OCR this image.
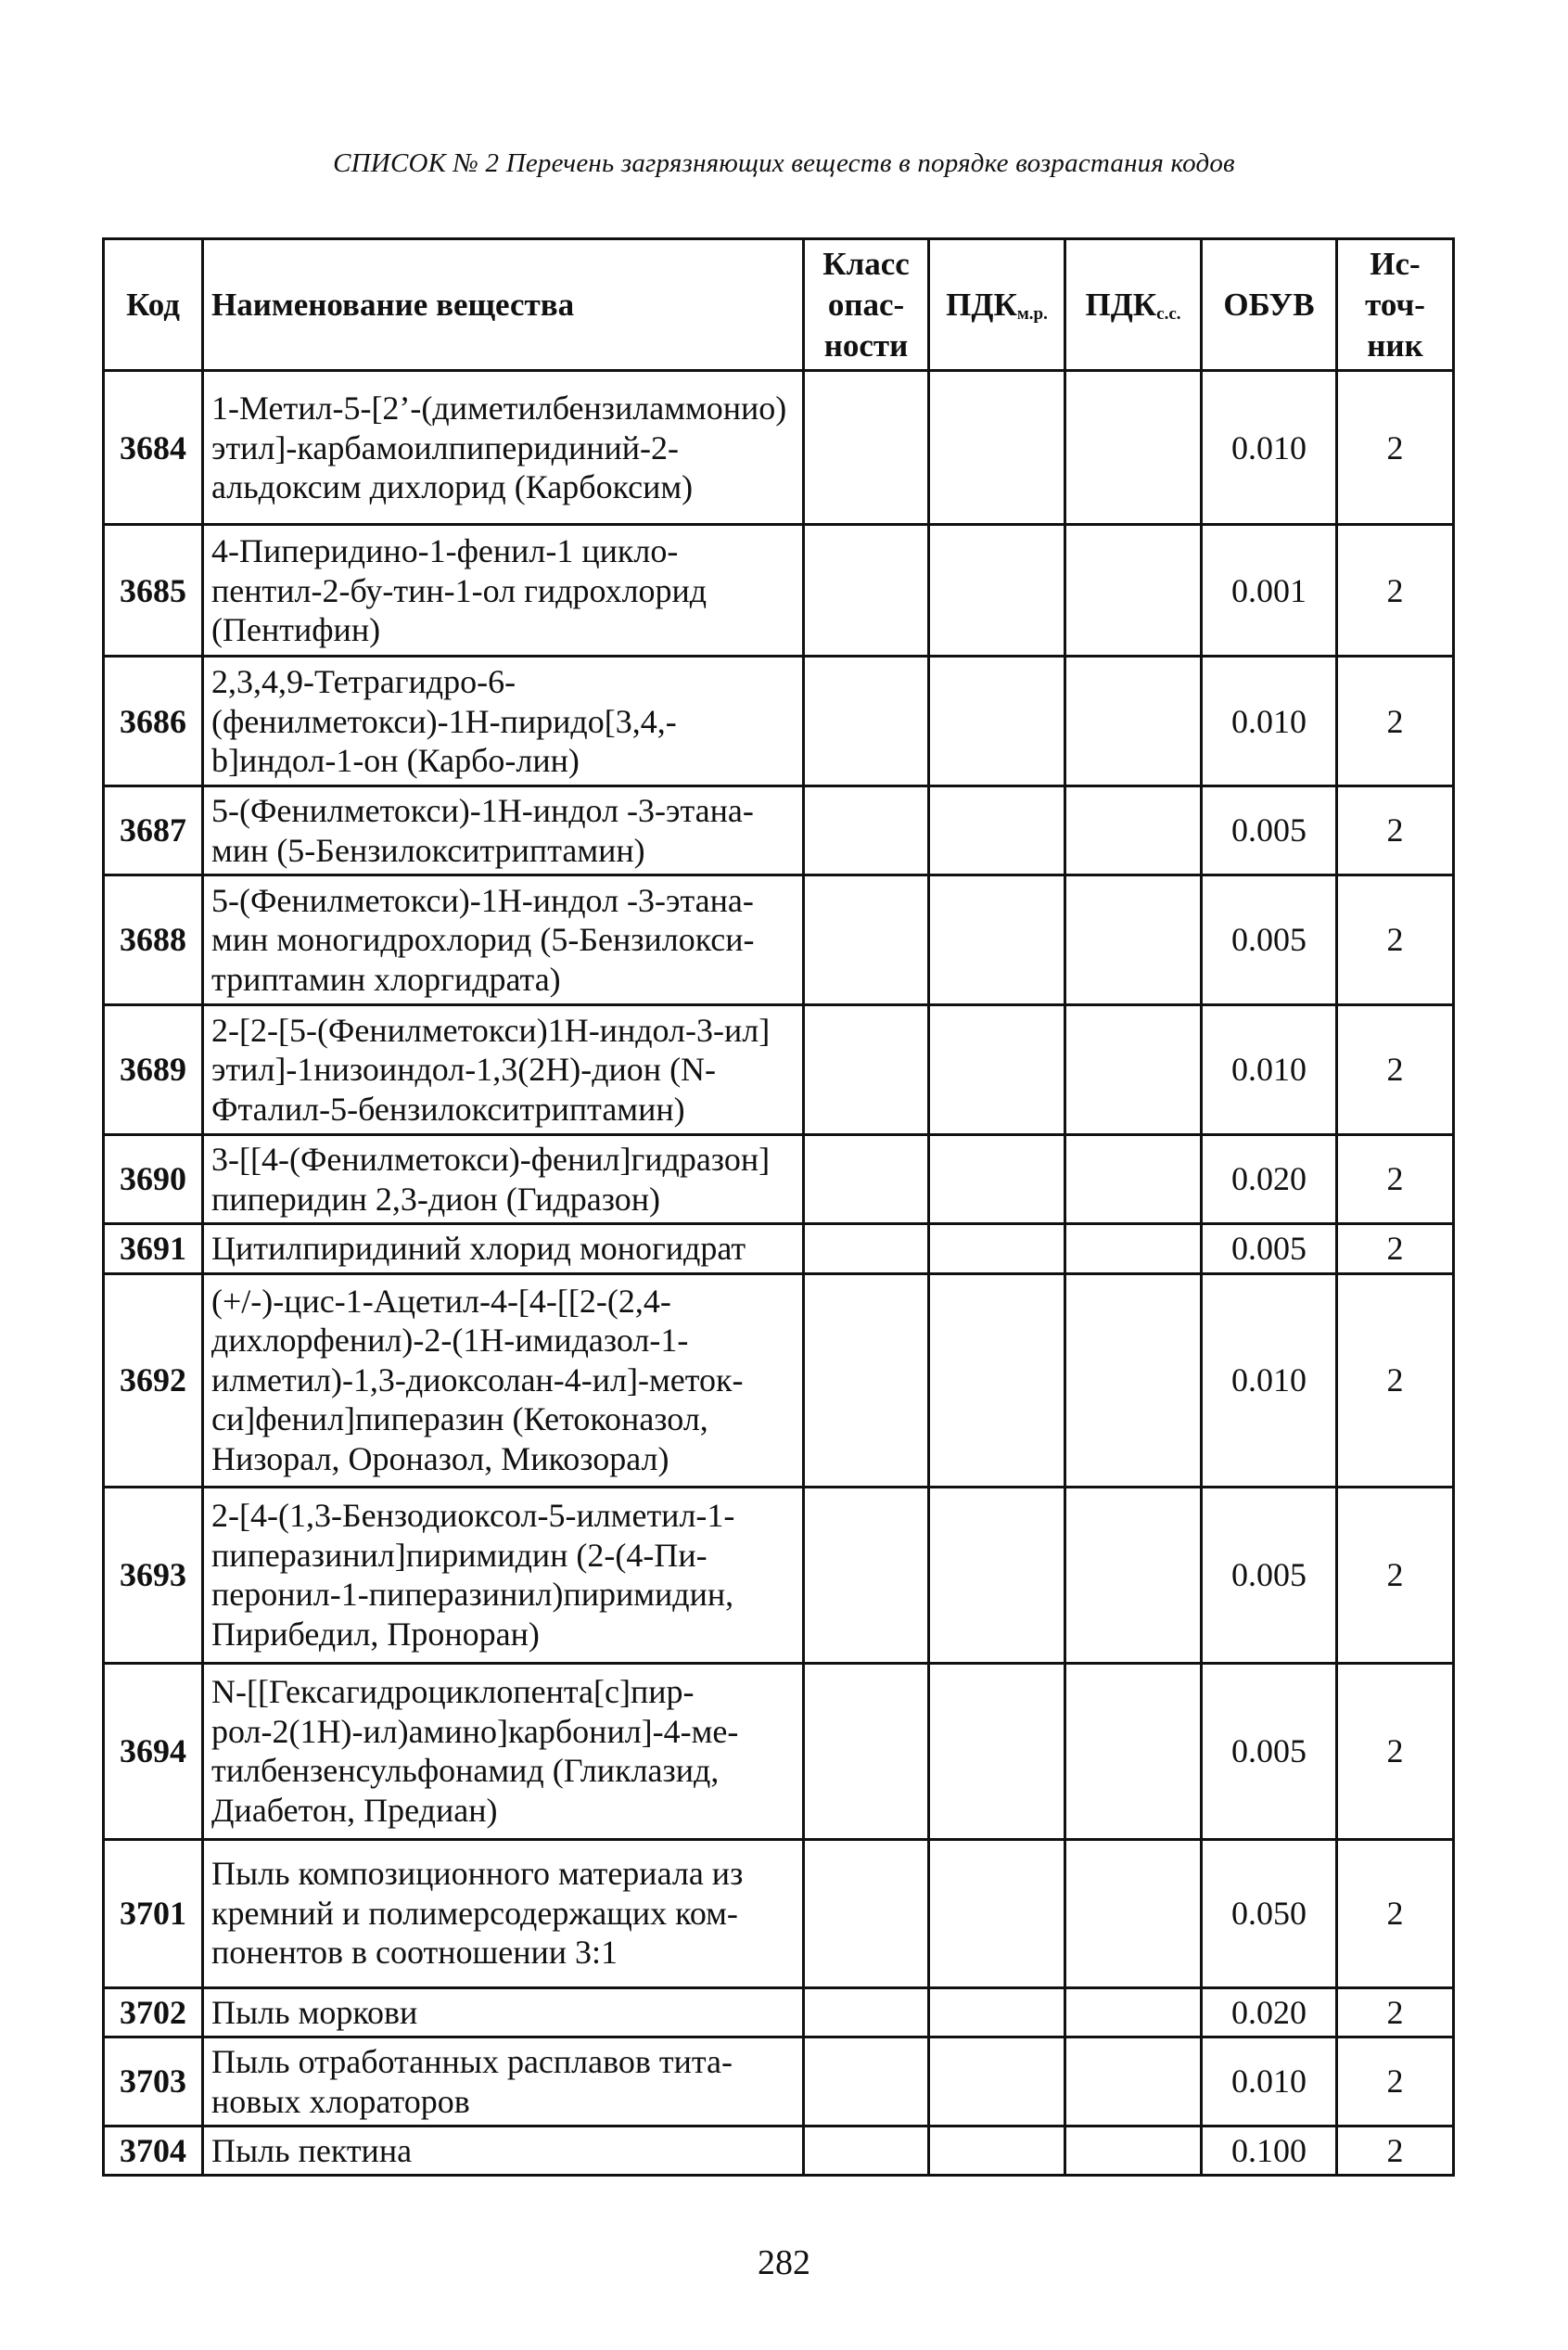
СПИСОК № 2 Перечень загрязняющих веществ в порядке возрастания кодов
Код	Наименование вещества	Класс опас-ности	$ПДК_{м.р.}$	$ПДК_{с.с.}$	ОБУВ	Ис-точ-ник
3684	1-Метил-5-[2’-(диметилбензиламмонио) этил]-карбамоилпиперидиний-2-альдоксим дихлорид (Карбоксим)				0.010	2
3685	4-Пиперидино-1-фенил-1 цикло-пентил-2-бу-тин-1-ол гидрохлорид (Пентифин)				0.001	2
3686	2,3,4,9-Тетрагидро-6-(фенилметокси)-1Н-пиридо[3,4,-b]индол-1-он (Карбо-лин)				0.010	2
3687	5-(Фенилметокси)-1Н-индол -3-этана-мин (5-Бензилокситриптамин)				0.005	2
3688	5-(Фенилметокси)-1Н-индол -3-этана-мин моногидрохлорид (5-Бензилокси-триптамин хлоргидрата)				0.005	2
3689	2-[2-[5-(Фенилметокси)1Н-индол-3-ил] этил]-1низоиндол-1,3(2Н)-дион (N-Фталил-5-бензилокситриптамин)				0.010	2
3690	3-[[4-(Фенилметокси)-фенил]гидразон] пиперидин 2,3-дион (Гидразон)				0.020	2
3691	Цитилпиридиний хлорид моногидрат				0.005	2
3692	(+/-)-цис-1-Ацетил-4-[4-[[2-(2,4-дихлорфенил)-2-(1Н-имидазол-1-илметил)-1,3-диоксолан-4-ил]-меток-си]фенил]пиперазин (Кетоконазол, Низорал, Ороназол, Микозорал)				0.010	2
3693	2-[4-(1,3-Бензодиоксол-5-илметил-1-пиперазинил]пиримидин (2-(4-Пи-перонил-1-пиперазинил)пиримидин, Пирибедил, Проноран)				0.005	2
3694	N-[[Гексагидроциклопента[с]пир-рол-2(1Н)-ил)амино]карбонил]-4-ме-тилбензенсульфонамид (Гликлазид, Диабетон, Предиан)				0.005	2
3701	Пыль композиционного материала из кремний и полимерсодержащих ком-понентов в соотношении 3:1				0.050	2
3702	Пыль моркови				0.020	2
3703	Пыль отработанных расплавов тита-новых хлораторов				0.010	2
3704	Пыль пектина				0.100	2
282
